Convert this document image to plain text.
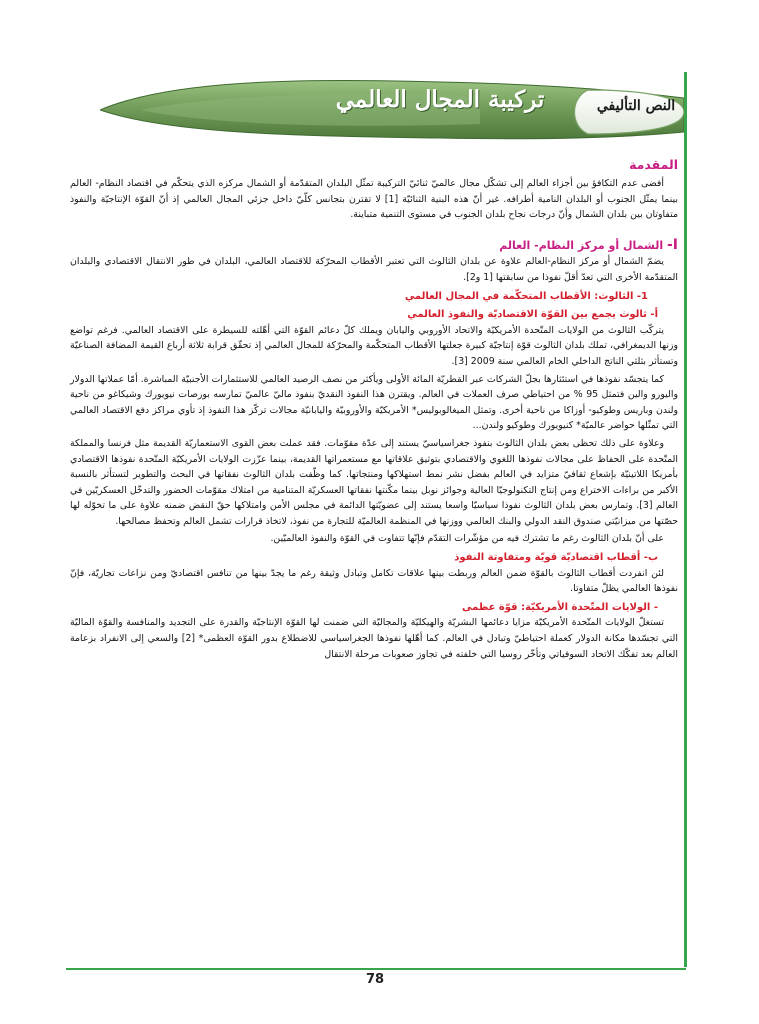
تركيبة المجال العالمي	النص التأليفي
المقدمة

أفضى عدم التكافؤ بين أجزاء العالم إلى تشكّل مجال عالميّ ثنائيّ التركيبة تمثّل البلدان المتقدّمة أو الشمال مركزه الذي يتحكّم في اقتصاد النظام- العالم بينما يمثّل الجنوب أو البلدان النامية أطرافه. غير أنّ هذه البنية الثنائيّة [1] لا تقترن بتجانس كلّيّ داخل جزئي المجال العالمي إذ أنّ القوّة الإنتاجيّة والنفوذ متفاوتان بين بلدان الشمال وأنّ درجات نجاح بلدان الجنوب في مستوى التنمية متباينة.

I- الشمال أو مركز النظام- العالم

يضمّ الشمال أو مركز النظام-العالم علاوة عن بلدان الثالوث التي تعتبر الأقطاب المحرّكة للاقتصاد العالمي، البلدان في طور الانتقال الاقتصادي والبلدان المتقدّمة الأخرى التي تعدّ أقلّ نفوذا من سابقتها [1 و2].

1- الثالوث: الأقطاب المتحكّمة في المجال العالمي
أ- ثالوث يجمع بين القوّة الاقتصاديّة والنفوذ العالمي

يتركّب الثالوث من الولايات المتّحدة الأمريكيّة والاتحاد الأوروبي واليابان ويملك كلّ دعائم القوّة التي أهّلته للسيطرة على الاقتصاد العالمي. فرغم تواضع وزنها الديمغرافي، تملك بلدان الثالوث قوّة إنتاجيّة كبيرة جعلتها الأقطاب المتحكّمة والمحرّكة للمجال العالمي إذ تحقّق قرابة ثلاثة أرباع القيمة المضافة الصناعيّة وتستأثر بثلثي الناتج الداخلي الخام العالمي سنة 2009 [3].

كما يتجسّد نفوذها في استئثارها بجلّ الشركات عبر القطريّة المائة الأولى ويأكثر من نصف الرصيد العالمي للاستثمارات الأجنبيّة المباشرة. أمّا عملاتها الدولار واليورو والين فتمثل 95 % من احتياطي صرف العملات في العالم. ويقترن هذا النفوذ النقديّ بنفوذ ماليّ عالميّ تمارسه بورصات نيويورك وشيكاغو من ناحية ولندن وباريس وطوكيو- أوزاكا من ناحية أخرى. وتمثل الميغالوبوليس* الأمريكيّة والأوروبيّة واليابانيّة مجالات تركّز هذا النفوذ إذ تأوي مراكز دفع الاقتصاد العالمي التي تمثّلها حواضر عالميّة* كنيويورك وطوكيو ولندن...

وعلاوة على ذلك تحظى بعض بلدان الثالوث بنفوذ جغراسياسيّ يستند إلى عدّة مقوّمات. فقد عملت بعض القوى الاستعماريّة القديمة مثل فرنسا والمملكة المتّحدة على الحفاظ على مجالات نفوذها اللغوي والاقتصادي بتوثيق علاقاتها مع مستعمراتها القديمة، بينما عزّزت الولايات الأمريكيّة المتّحدة نفوذها الاقتصادي بأمريكا اللاتينيّة بإشعاع ثقافيّ متزايد في العالم بفضل نشر نمط استهلاكها ومنتجاتها. كما وظّفت بلدان الثالوث نفقاتها في البحث والتطوير لتستأثر بالنسبة الأكبر من براءات الاختراع ومن إنتاج التكنولوجيّا العالية وجوائز نوبل بينما مكّنتها نفقاتها العسكريّة المتنامية من امتلاك مقوّمات الحضور والتدخّل العسكريّين في العالم [3]. وتمارس بعض بلدان الثالوث نفوذا سياسيّا واسعا يستند إلى عضويّتها الدائمة في مجلس الأمن وامتلاكها حقّ النقض ضمنه علاوة على ما تخوّله لها حصّتها من ميزانيّتي صندوق النقد الدولي والبنك العالمي ووزنها في المنظمة العالميّة للتجارة من نفوذ، لاتخاذ قرارات تشمل العالم وتحفظ مصالحها.

على أنّ بلدان الثالوث رغم ما تشترك فيه من مؤشّرات التقدّم فإنّها تتفاوت في القوّة والنفوذ العالميّين.

ب- أقطاب اقتصاديّة قويّة ومتفاوتة النفوذ

لئن انفردت أقطاب الثالوث بالقوّة ضمن العالم وربطت بينها علاقات تكامل وتبادل وثيقة رغم ما يجدّ بينها من تنافس اقتصاديّ ومن نزاعات تجاريّة، فإنّ نفوذها العالمي يظلّ متفاوتا.

- الولايات المتّحدة الأمريكيّة: قوّة عظمى

تستغلّ الولايات المتّحدة الأمريكيّة مزايا دعائمها البشريّة والهيكليّة والمجاليّة التي ضمنت لها القوّة الإنتاجيّة والقدرة على التجديد والمنافسة والقوّة الماليّة التي تجسّدها مكانة الدولار كعملة احتياطيّ وتبادل في العالم. كما أهّلها نفوذها الجغراسياسي للاضطلاع بدور القوّة العظمى* [2] والسعي إلى الانفراد بزعامة العالم بعد تفكّك الاتحاد السوفياتي وتأخّر روسيا التي خلفته في تجاوز صعوبات مرحلة الانتقال

78
